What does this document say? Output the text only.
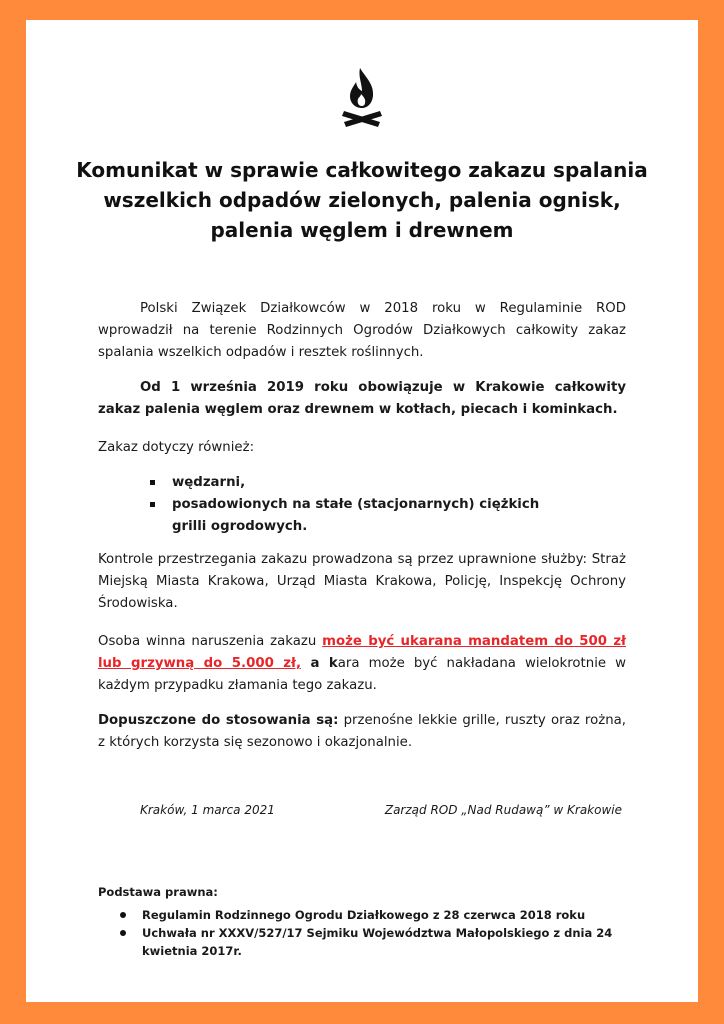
Komunikat w sprawie całkowitego zakazu spalania
wszelkich odpadów zielonych, palenia ognisk,
palenia węglem i drewnem

Polski Związek Działkowców w 2018 roku w Regulaminie ROD wprowadził na terenie Rodzinnych Ogrodów Działkowych całkowity zakaz spalania wszelkich odpadów i resztek roślinnych.

Od 1 września 2019 roku obowiązuje w Krakowie całkowity zakaz palenia węglem oraz drewnem w kotłach, piecach i kominkach.

Zakaz dotyczy również:

wędzarni,
posadowionych na stałe (stacjonarnych) ciężkich grilli ogrodowych.

Kontrole przestrzegania zakazu prowadzona są przez uprawnione służby: Straż Miejską Miasta Krakowa, Urząd Miasta Krakowa, Policję, Inspekcję Ochrony Środowiska.

Osoba winna naruszenia zakazu może być ukarana mandatem do 500 zł lub grzywną do 5.000 zł, a kara może być nakładana wielokrotnie w każdym przypadku złamania tego zakazu.

Dopuszczone do stosowania są: przenośne lekkie grille, ruszty oraz rożna, z których korzysta się sezonowo i okazjonalnie.

Kraków, 1 marca 2021	Zarząd ROD „Nad Rudawą” w Krakowie
Podstawa prawna:
Regulamin Rodzinnego Ogrodu Działkowego z 28 czerwca 2018 roku
Uchwała nr XXXV/527/17 Sejmiku Województwa Małopolskiego z dnia 24 kwietnia 2017r.
